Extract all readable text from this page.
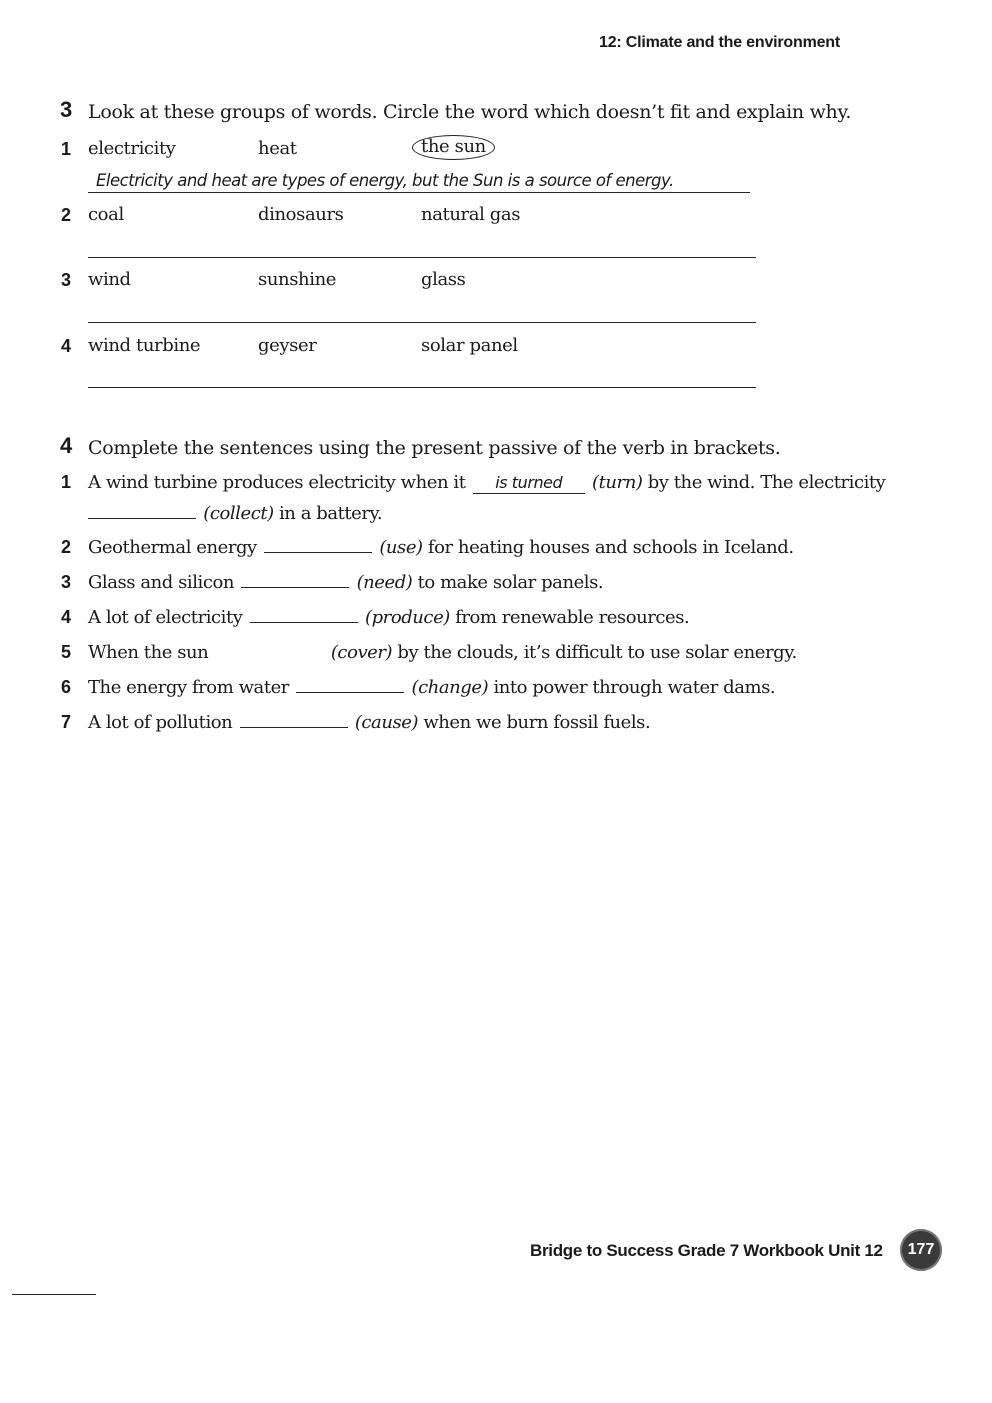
12: Climate and the environment
3 Look at these groups of words. Circle the word which doesn’t fit and explain why.
1 electricity	heat	the sun
Electricity and heat are types of energy, but the Sun is a source of energy.
2 coal	dinosaurs	natural gas
3 wind	sunshine	glass
4 wind turbine	geyser	solar panel
4 Complete the sentences using the present passive of the verb in brackets.
1 A wind turbine produces electricity when it is turned (turn) by the wind. The electricity
(collect) in a battery.
2 Geothermal energy	(use) for heating houses and schools in Iceland.
3 Glass and silicon	(need) to make solar panels.
4 A lot of electricity	(produce) from renewable resources.
5 When the sun	(cover) by the clouds, it’s difficult to use solar energy.
6 The energy from water	(change) into power through water dams.
7 A lot of pollution	(cause) when we burn fossil fuels.
Bridge to Success Grade 7 Workbook Unit 12	177
